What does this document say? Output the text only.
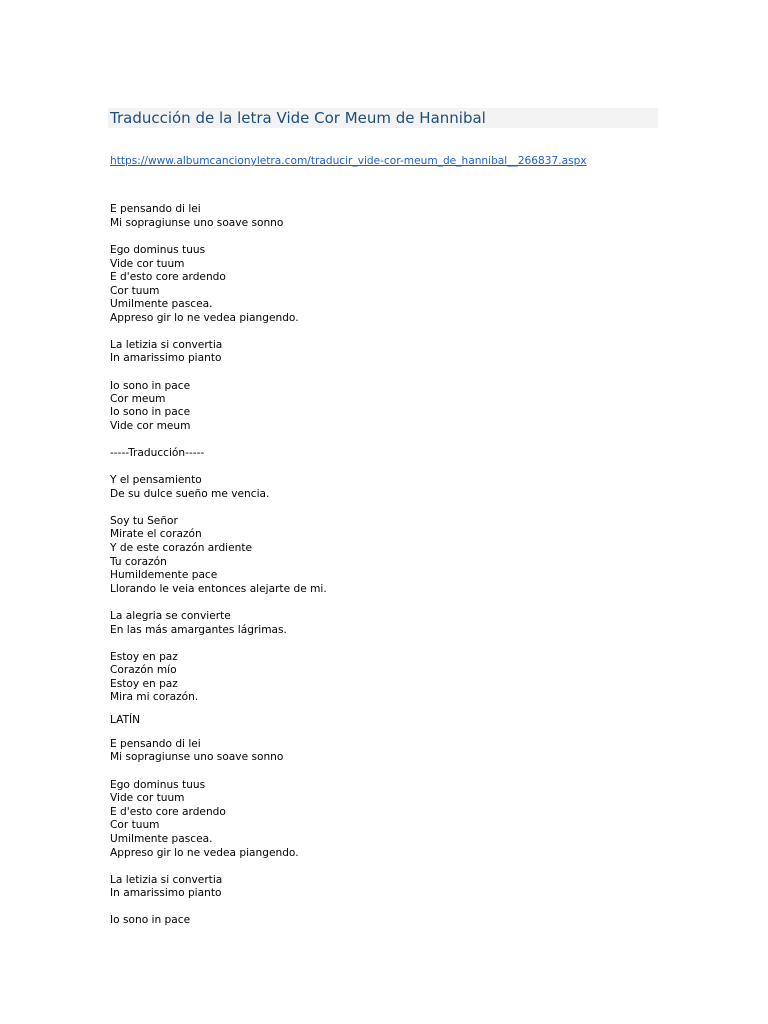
Traducción de la letra Vide Cor Meum de Hannibal
https://www.albumcancionyletra.com/traducir_vide-cor-meum_de_hannibal__266837.aspx
E pensando di lei
Mi sopragiunse uno soave sonno
Ego dominus tuus
Vide cor tuum
E d'esto core ardendo
Cor tuum
Umilmente pascea.
Appreso gir lo ne vedea piangendo.
La letizia si convertia
In amarissimo pianto
Io sono in pace
Cor meum
Io sono in pace
Vide cor meum
-----Traducción-----
Y el pensamiento
De su dulce sueño me vencia.
Soy tu Señor
Mirate el corazón
Y de este corazón ardiente
Tu corazón
Humildemente pace
Llorando le veia entonces alejarte de mi.
La alegria se convierte
En las más amargantes lágrimas.
Estoy en paz
Corazón mío
Estoy en paz
Mira mi corazón.
LATÍN
E pensando di lei
Mi sopragiunse uno soave sonno
Ego dominus tuus
Vide cor tuum
E d'esto core ardendo
Cor tuum
Umilmente pascea.
Appreso gir lo ne vedea piangendo.
La letizia si convertia
In amarissimo pianto
Io sono in pace
